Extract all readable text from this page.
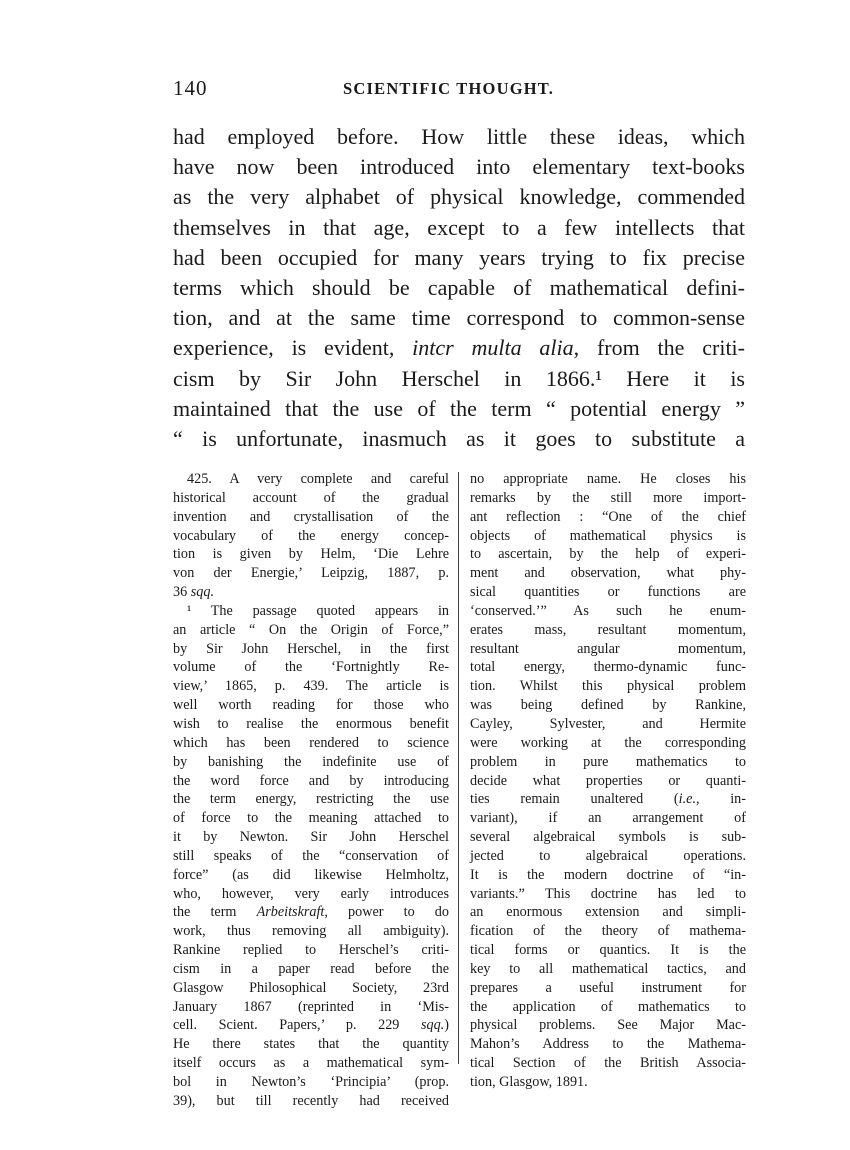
140	SCIENTIFIC THOUGHT.
had employed before. How little these ideas, which
have now been introduced into elementary text-books
as the very alphabet of physical knowledge, commended
themselves in that age, except to a few intellects that
had been occupied for many years trying to fix precise
terms which should be capable of mathematical defini-
tion, and at the same time correspond to common-sense
experience, is evident, intcr multa alia, from the criti-
cism by Sir John Herschel in 1866.¹ Here it is
maintained that the use of the term “ potential energy ”
“ is unfortunate, inasmuch as it goes to substitute a
425. A very complete and careful
historical account of the gradual
invention and crystallisation of the
vocabulary of the energy concep-
tion is given by Helm, ‘Die Lehre
von der Energie,’ Leipzig, 1887, p.
36 sqq.
¹ The passage quoted appears in
an article “ On the Origin of Force,”
by Sir John Herschel, in the first
volume of the ‘Fortnightly Re-
view,’ 1865, p. 439. The article is
well worth reading for those who
wish to realise the enormous benefit
which has been rendered to science
by banishing the indefinite use of
the word force and by introducing
the term energy, restricting the use
of force to the meaning attached to
it by Newton. Sir John Herschel
still speaks of the “conservation of
force” (as did likewise Helmholtz,
who, however, very early introduces
the term Arbeitskraft, power to do
work, thus removing all ambiguity).
Rankine replied to Herschel’s criti-
cism in a paper read before the
Glasgow Philosophical Society, 23rd
January 1867 (reprinted in ‘Mis-
cell. Scient. Papers,’ p. 229 sqq.)
He there states that the quantity
itself occurs as a mathematical sym-
bol in Newton’s ‘Principia’ (prop.
39), but till recently had received
no appropriate name. He closes his
remarks by the still more import-
ant reflection : “One of the chief
objects of mathematical physics is
to ascertain, by the help of experi-
ment and observation, what phy-
sical quantities or functions are
‘conserved.’” As such he enum-
erates mass, resultant momentum,
resultant angular momentum,
total energy, thermo-dynamic func-
tion. Whilst this physical problem
was being defined by Rankine,
Cayley, Sylvester, and Hermite
were working at the corresponding
problem in pure mathematics to
decide what properties or quanti-
ties remain unaltered (i.e., in-
variant), if an arrangement of
several algebraical symbols is sub-
jected to algebraical operations.
It is the modern doctrine of “in-
variants.” This doctrine has led to
an enormous extension and simpli-
fication of the theory of mathema-
tical forms or quantics. It is the
key to all mathematical tactics, and
prepares a useful instrument for
the application of mathematics to
physical problems. See Major Mac-
Mahon’s Address to the Mathema-
tical Section of the British Associa-
tion, Glasgow, 1891.
